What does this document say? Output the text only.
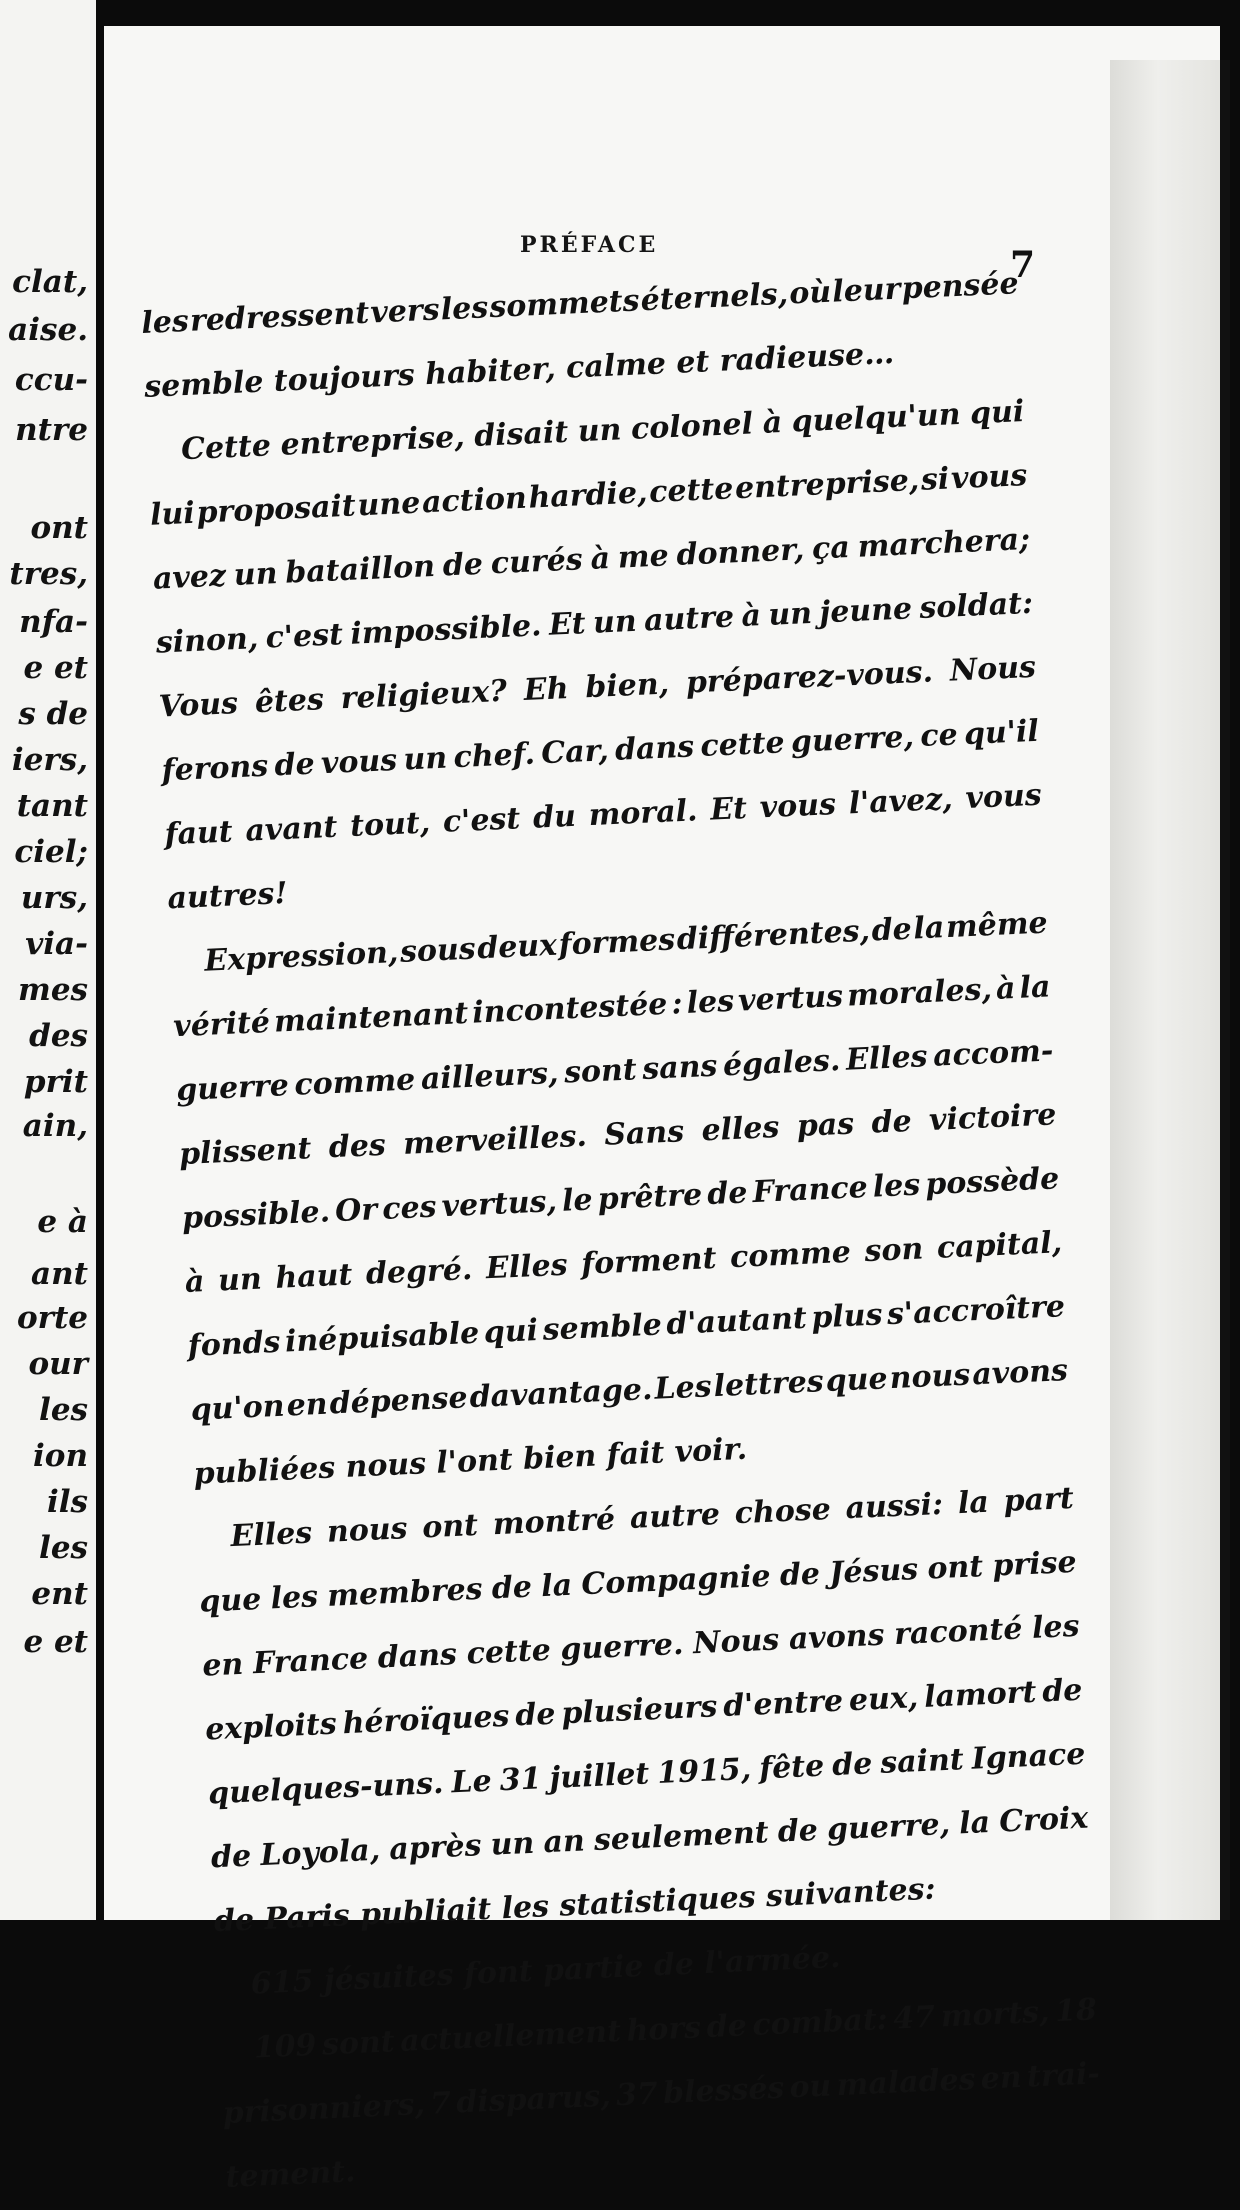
clat,
aise.
ccu-
ntre
ont
tres,
nfa-
e et
s de
iers,
tant
ciel;
urs,
via-
mes
des
prit
ain,
e à
ant
orte
our
les
ion
ils
les
ent
e et
PRÉFACE	7
les redressent vers les sommets éternels, où leur pensée
semble toujours habiter, calme et radieuse…
Cette entreprise, disait un colonel à quelqu'un qui
lui proposait une action hardie, cette entreprise, si vous
avez un bataillon de curés à me donner, ça marchera;
sinon, c'est impossible. Et un autre à un jeune soldat:
Vous êtes religieux? Eh bien, préparez-vous. Nous
ferons de vous un chef. Car, dans cette guerre, ce qu'il
faut avant tout, c'est du moral. Et vous l'avez, vous
autres!
Expression, sous deux formes différentes, de la même
vérité maintenant incontestée : les vertus morales, à la
guerre comme ailleurs, sont sans égales. Elles accom-
plissent des merveilles. Sans elles pas de victoire
possible. Or ces vertus, le prêtre de France les possède
à un haut degré. Elles forment comme son capital,
fonds inépuisable qui semble d'autant plus s'accroître
qu'on en dépense davantage. Les lettres que nous avons
publiées nous l'ont bien fait voir.
Elles nous ont montré autre chose aussi: la part
que les membres de la Compagnie de Jésus ont prise
en France dans cette guerre. Nous avons raconté les
exploits héroïques de plusieurs d'entre eux, lamort de
quelques-uns. Le 31 juillet 1915, fête de saint Ignace
de Loyola, après un an seulement de guerre, la Croix
de Paris publiait les statistiques suivantes:
615 jésuites font partie de l'armée.
109 sont actuellement hors de combat: 47 morts, 18
prisonniers, 7 disparus, 37 blessés ou malades en trai-
tement.
